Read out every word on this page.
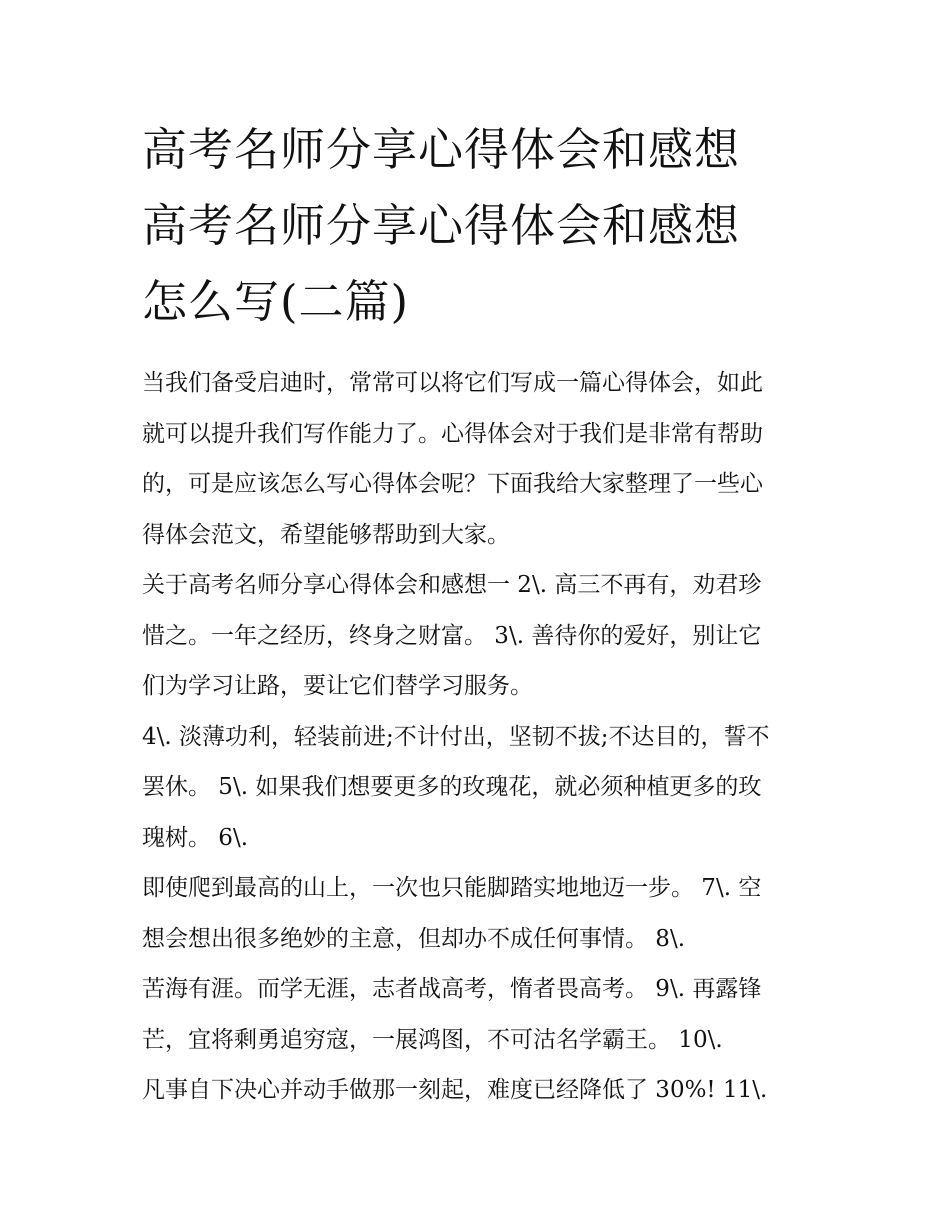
高考名师分享心得体会和感想
高考名师分享心得体会和感想
怎么写(二篇)
当我们备受启迪时，常常可以将它们写成一篇心得体会，如此
就可以提升我们写作能力了。心得体会对于我们是非常有帮助
的，可是应该怎么写心得体会呢？下面我给大家整理了一些心
得体会范文，希望能够帮助到大家。
关于高考名师分享心得体会和感想一 2\. 高三不再有，劝君珍
惜之。一年之经历，终身之财富。 3\. 善待你的爱好，别让它
们为学习让路，要让它们替学习服务。
4\. 淡薄功利，轻装前进;不计付出，坚韧不拔;不达目的，誓不
罢休。 5\. 如果我们想要更多的玫瑰花，就必须种植更多的玫
瑰树。 6\.
即使爬到最高的山上，一次也只能脚踏实地地迈一步。 7\. 空
想会想出很多绝妙的主意，但却办不成任何事情。 8\.
苦海有涯。而学无涯，志者战高考，惰者畏高考。 9\. 再露锋
芒，宜将剩勇追穷寇，一展鸿图，不可沽名学霸王。 10\.
凡事自下决心并动手做那一刻起，难度已经降低了 30%! 11\.
